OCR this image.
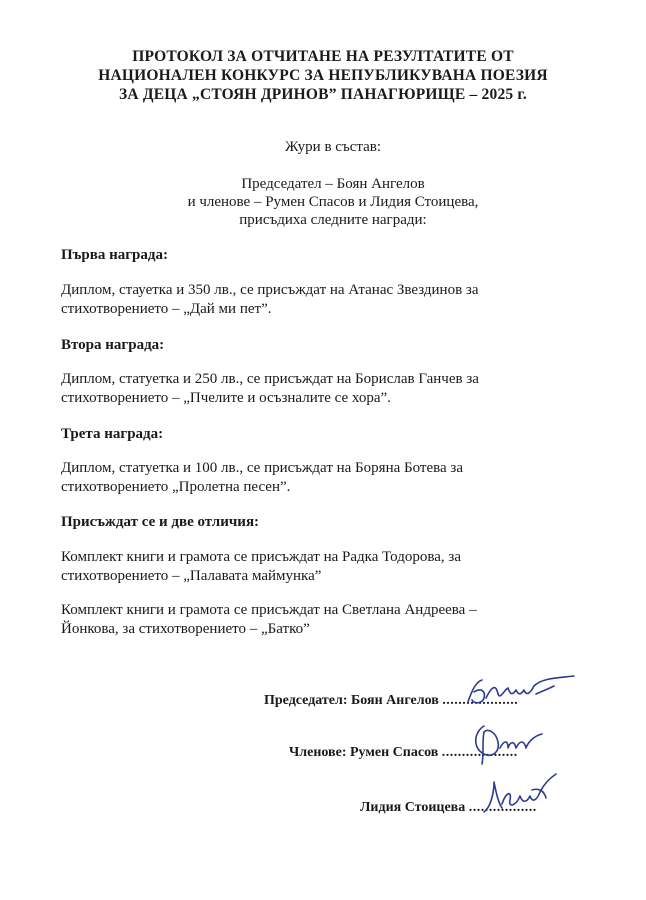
ПРОТОКОЛ ЗА ОТЧИТАНЕ НА РЕЗУЛТАТИТЕ ОТ
НАЦИОНАЛЕН КОНКУРС ЗА НЕПУБЛИКУВАНА ПОЕЗИЯ
ЗА ДЕЦА „СТОЯН ДРИНОВ” ПАНАГЮРИЩЕ – 2025 г.
Жури в състав:
Председател – Боян Ангелов
и членове – Румен Спасов и Лидия Стоицева,
присъдиха следните награди:
Първа награда:
Диплом, стауетка и 350 лв., се присъждат на Атанас Звездинов за
стихотворението – „Дай ми пет”.
Втора награда:
Диплом, статуетка и 250 лв., се присъждат на Борислав Ганчев за
стихотворението – „Пчелите и осъзналите се хора”.
Трета награда:
Диплом, статуетка и 100 лв., се присъждат на Боряна Ботева за
стихотворението „Пролетна песен”.
Присъждат се и две отличия:
Комплект книги и грамота се присъждат на Радка Тодорова, за
стихотворението – „Палавата маймунка”
Комплект книги и грамота се присъждат на Светлана Андреева –
Йонкова, за стихотворението – „Батко”
Председател: Боян Ангелов ...................
Членове: Румен Спасов ...................
Лидия Стоицева .................
